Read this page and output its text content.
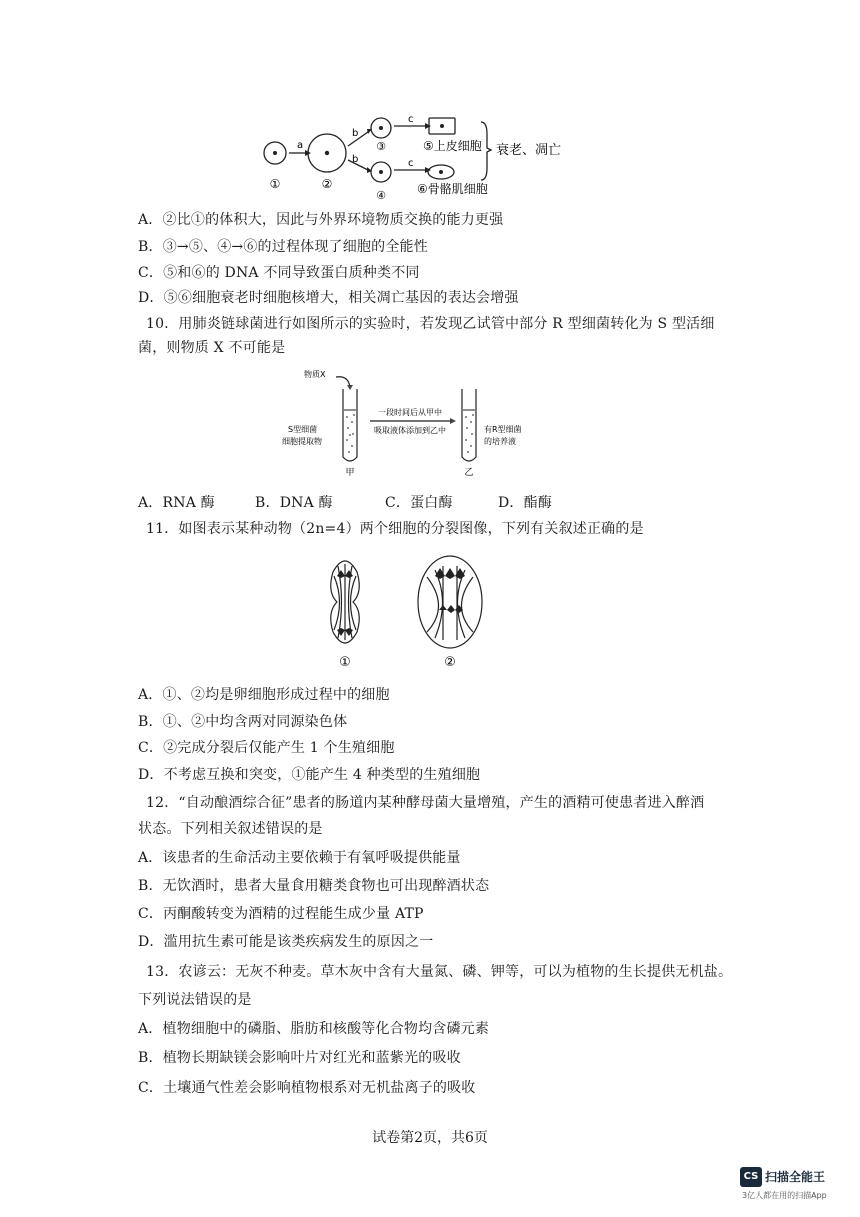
①	②
③
④
a
b
b
c
c
⑤上皮细胞
⑥骨骼肌细胞
衰老、凋亡
A．②比①的体积大，因此与外界环境物质交换的能力更强
B．③→⑤、④→⑥的过程体现了细胞的全能性
C．⑤和⑥的 DNA 不同导致蛋白质种类不同
D．⑤⑥细胞衰老时细胞核增大，相关凋亡基因的表达会增强
10．用肺炎链球菌进行如图所示的实验时，若发现乙试管中部分 R 型细菌转化为 S 型活细
菌，则物质 X 不可能是
物质X
S型细菌
细胞提取物
一段时间后从甲中
吸取液体添加到乙中	有R型细菌
的培养液
甲	乙
A．RNA 酶	B．DNA 酶	C．蛋白酶	D．酯酶
11．如图表示某种动物（2n=4）两个细胞的分裂图像，下列有关叙述正确的是
①	②
A．①、②均是卵细胞形成过程中的细胞
B．①、②中均含两对同源染色体
C．②完成分裂后仅能产生 1 个生殖细胞
D．不考虑互换和突变，①能产生 4 种类型的生殖细胞
12．“自动酿酒综合征”患者的肠道内某种酵母菌大量增殖，产生的酒精可使患者进入醉酒
状态。下列相关叙述错误的是
A．该患者的生命活动主要依赖于有氧呼吸提供能量
B．无饮酒时，患者大量食用糖类食物也可出现醉酒状态
C．丙酮酸转变为酒精的过程能生成少量 ATP
D．滥用抗生素可能是该类疾病发生的原因之一
13．农谚云：无灰不种麦。草木灰中含有大量氮、磷、钾等，可以为植物的生长提供无机盐。
下列说法错误的是
A．植物细胞中的磷脂、脂肪和核酸等化合物均含磷元素
B．植物长期缺镁会影响叶片对红光和蓝紫光的吸收
C．土壤通气性差会影响植物根系对无机盐离子的吸收
试卷第2页，共6页
CS 扫描全能王
3亿人都在用的扫描App
